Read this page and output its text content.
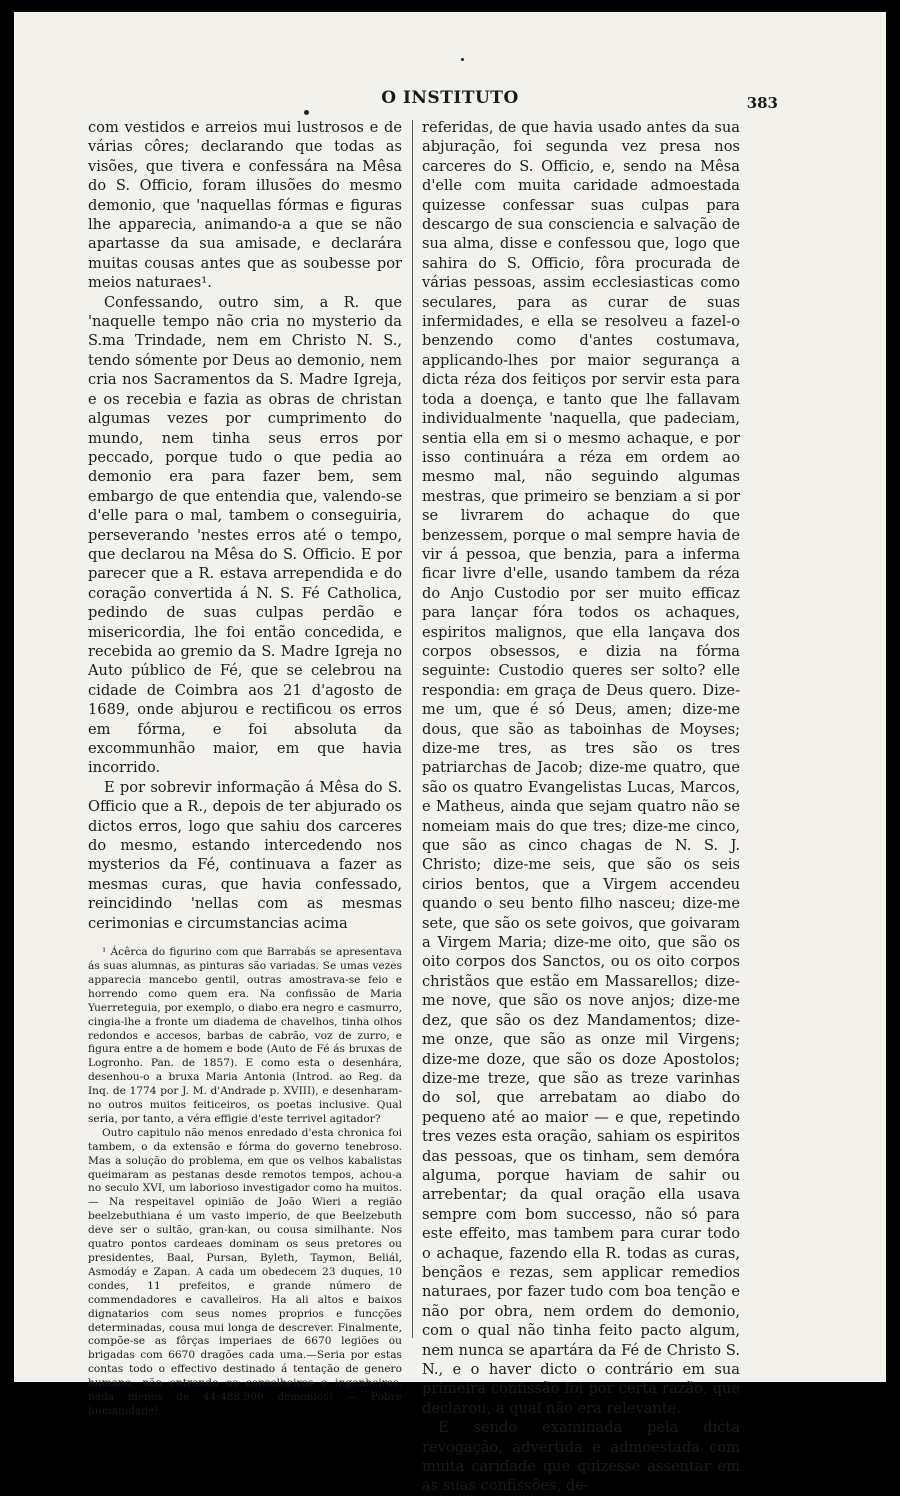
O INSTITUTO	383

com vestidos e arreios mui lustrosos e de várias côres; declarando que todas as visões, que tivera e confessára na Mêsa do S. Officio, foram illusões do mesmo demonio, que 'naquellas fórmas e figuras lhe apparecia, animando-a a que se não apartasse da sua amisade, e declarára muitas cousas antes que as soubesse por meios naturaes¹.

Confessando, outro sim, a R. que 'naquelle tempo não cria no mysterio da S.ma Trindade, nem em Christo N. S., tendo sómente por Deus ao demonio, nem cria nos Sacramentos da S. Madre Igreja, e os recebia e fazia as obras de christan algumas vezes por cumprimento do mundo, nem tinha seus erros por peccado, porque tudo o que pedia ao demonio era para fazer bem, sem embargo de que entendia que, valendo-se d'elle para o mal, tambem o conseguiria, perseverando 'nestes erros até o tempo, que declarou na Mêsa do S. Officio. E por parecer que a R. estava arrependida e do coração convertida á N. S. Fé Catholica, pedindo de suas culpas perdão e misericordia, lhe foi então concedida, e recebida ao gremio da S. Madre Igreja no Auto público de Fé, que se celebrou na cidade de Coimbra aos 21 d'agosto de 1689, onde abjurou e rectificou os erros em fórma, e foi absoluta da excommunhão maior, em que havia incorrido.

E por sobrevir informação á Mêsa do S. Officio que a R., depois de ter abjurado os dictos erros, logo que sahiu dos carceres do mesmo, estando intercedendo nos mysterios da Fé, continuava a fazer as mesmas curas, que havia confessado, reincidindo 'nellas com as mesmas cerimonias e circumstancias acima

¹ Ácêrca do figurino com que Barrabás se apresentava ás suas alumnas, as pinturas são variadas. Se umas vezes apparecia mancebo gentil, outras amostrava-se feio e horrendo como quem era. Na confissão de Maria Yuerreteguia, por exemplo, o diabo era negro e casmurro, cingia-lhe a fronte um diadema de chavelhos, tinha olhos redondos e accesos, barbas de cabrão, voz de zurro, e figura entre a de homem e bode (Auto de Fé ás bruxas de Logronho. Pan. de 1857). E como esta o desenhára, desenhou-o a bruxa Maria Antonia (Introd. ao Reg. da Inq. de 1774 por J. M. d'Andrade p. XVIII), e desenharam-no outros muitos feiticeiros, os poetas inclusive. Qual seria, por tanto, a véra effigie d'este terrivel agitador?

Outro capitulo não menos enredado d'esta chronica foi tambem, o da extensão e fórma do governo tenebroso. Mas a solução do problema, em que os velhos kabalistas queimaram as pestanas desde remotos tempos, achou-a no seculo XVI, um laborioso investigador como ha muitos. — Na respeitavel opinião de João Wieri a região beelzebuthiana é um vasto imperio, de que Beelzebuth deve ser o sultão, gran-kan, ou cousa similhante. Nos quatro pontos cardeaes dominam os seus pretores ou presidentes, Baal, Pursan, Byleth, Taymon, Beliál, Asmodáy e Zapan. A cada um obedecem 23 duques, 10 condes, 11 prefeitos, e grande número de commendadores e cavalleiros. Ha ali altos e baixos dignatarios com seus nomes proprios e funcções determinadas, cousa mui longa de descrever. Finalmente, compõe-se as fôrças imperiaes de 6670 legiões ou brigadas com 6670 dragões cada uma.—Seria por estas contas todo o effectivo destinado á tentação de genero humano, não entrando os conselheiros e ingenheiros, nada menos de 44:488.900 demonios! — Pobre humanidade!

referidas, de que havia usado antes da sua abjuração, foi segunda vez presa nos carceres do S. Officio, e, sendo na Mêsa d'elle com muita caridade admoestada quizesse confessar suas culpas para descargo de sua consciencia e salvação de sua alma, disse e confessou que, logo que sahira do S. Officio, fôra procurada de várias pessoas, assim ecclesiasticas como seculares, para as curar de suas infermidades, e ella se resolveu a fazel-o benzendo como d'antes costumava, applicando-lhes por maior segurança a dicta réza dos feitiços por servir esta para toda a doença, e tanto que lhe fallavam individualmente 'naquella, que padeciam, sentia ella em si o mesmo achaque, e por isso continuára a réza em ordem ao mesmo mal, não seguindo algumas mestras, que primeiro se benziam a si por se livrarem do achaque do que benzessem, porque o mal sempre havia de vir á pessoa, que benzia, para a inferma ficar livre d'elle, usando tambem da réza do Anjo Custodio por ser muito efficaz para lançar fóra todos os achaques, espiritos malignos, que ella lançava dos corpos obsessos, e dizia na fórma seguinte: Custodio queres ser solto? elle respondia: em graça de Deus quero. Dize-me um, que é só Deus, amen; dize-me dous, que são as taboinhas de Moyses; dize-me tres, as tres são os tres patriarchas de Jacob; dize-me quatro, que são os quatro Evangelistas Lucas, Marcos, e Matheus, ainda que sejam quatro não se nomeiam mais do que tres; dize-me cinco, que são as cinco chagas de N. S. J. Christo; dize-me seis, que são os seis cirios bentos, que a Virgem accendeu quando o seu bento filho nasceu; dize-me sete, que são os sete goivos, que goivaram a Virgem Maria; dize-me oito, que são os oito corpos dos Sanctos, ou os oito corpos christãos que estão em Massarellos; dize-me nove, que são os nove anjos; dize-me dez, que são os dez Mandamentos; dize-me onze, que são as onze mil Virgens; dize-me doze, que são os doze Apostolos; dize-me treze, que são as treze varinhas do sol, que arrebatam ao diabo do pequeno até ao maior — e que, repetindo tres vezes esta oração, sahiam os espiritos das pessoas, que os tinham, sem demóra alguma, porque haviam de sahir ou arrebentar; da qual oração ella usava sempre com bom successo, não só para este effeito, mas tambem para curar todo o achaque, fazendo ella R. todas as curas, bençãos e rezas, sem applicar remedios naturaes, por fazer tudo com boa tenção e não por obra, nem ordem do demonio, com o qual não tinha feito pacto algum, nem nunca se apartára da Fé de Christo S. N., e o haver dicto o contrário em sua primeira confissão foi por certa razão, que declarou, a qual não era relevante.

E sendo examinada pela dicta revogação, advertida e admoestada com muita caridade que quizesse assentar em as suas confissões, de-
